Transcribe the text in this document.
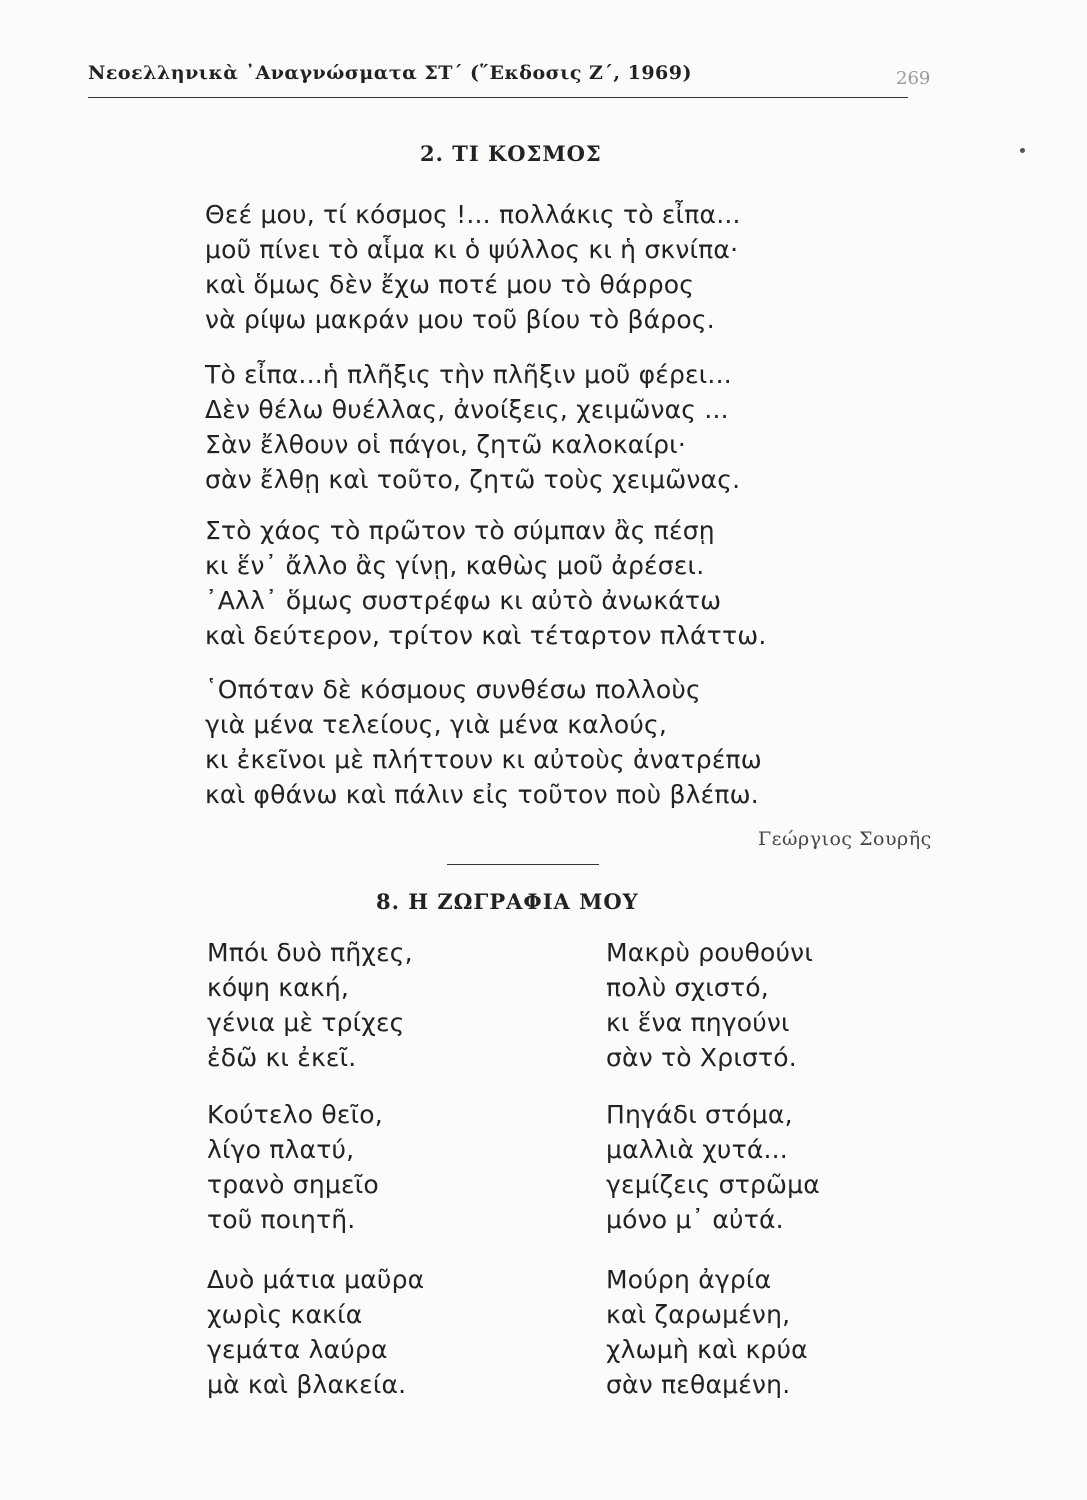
Νεοελληνικὰ ᾿Αναγνώσματα ΣΤ΄ (῞Εκδοσις Ζ΄, 1969)	269
2. ΤΙ ΚΟΣΜΟΣ
Θεέ μου, τί κόσμος !... πολλάκις τὸ εἶπα...
μοῦ πίνει τὸ αἷμα κι ὁ ψύλλος κι ἡ σκνίπα·
καὶ ὅμως δὲν ἔχω ποτέ μου τὸ θάρρος
νὰ ρίψω μακράν μου τοῦ βίου τὸ βάρος.
Τὸ εἶπα...ἡ πλῆξις τὴν πλῆξιν μοῦ φέρει...
Δὲν θέλω θυέλλας, ἀνοίξεις, χειμῶνας ...
Σὰν ἔλθουν οἱ πάγοι, ζητῶ καλοκαίρι·
σὰν ἔλθῃ καὶ τοῦτο, ζητῶ τοὺς χειμῶνας.
Στὸ χάος τὸ πρῶτον τὸ σύμπαν ἂς πέσῃ
κι ἕν᾿ ἄλλο ἂς γίνῃ, καθὼς μοῦ ἀρέσει.
᾿Αλλ᾿ ὅμως συστρέφω κι αὐτὸ ἀνωκάτω
καὶ δεύτερον, τρίτον καὶ τέταρτον πλάττω.
῾Οπόταν δὲ κόσμους συνθέσω πολλοὺς
γιὰ μένα τελείους, γιὰ μένα καλούς,
κι ἐκεῖνοι μὲ πλήττουν κι αὐτοὺς ἀνατρέπω
καὶ φθάνω καὶ πάλιν εἰς τοῦτον ποὺ βλέπω.
Γεώργιος Σουρῆς
8. Η ΖΩΓΡΑΦΙΑ ΜΟΥ
Μπόι δυὸ πῆχες,
κόψη κακή,
γένια μὲ τρίχες
ἐδῶ κι ἐκεῖ.
Κούτελο θεῖο,
λίγο πλατύ,
τρανὸ σημεῖο
τοῦ ποιητῆ.
Δυὸ μάτια μαῦρα
χωρὶς κακία
γεμάτα λαύρα
μὰ καὶ βλακεία.
Μακρὺ ρουθούνι
πολὺ σχιστό,
κι ἕνα πηγούνι
σὰν τὸ Χριστό.
Πηγάδι στόμα,
μαλλιὰ χυτά...
γεμίζεις στρῶμα
μόνο μ᾿ αὐτά.
Μούρη ἀγρία
καὶ ζαρωμένη,
χλωμὴ καὶ κρύα
σὰν πεθαμένη.
